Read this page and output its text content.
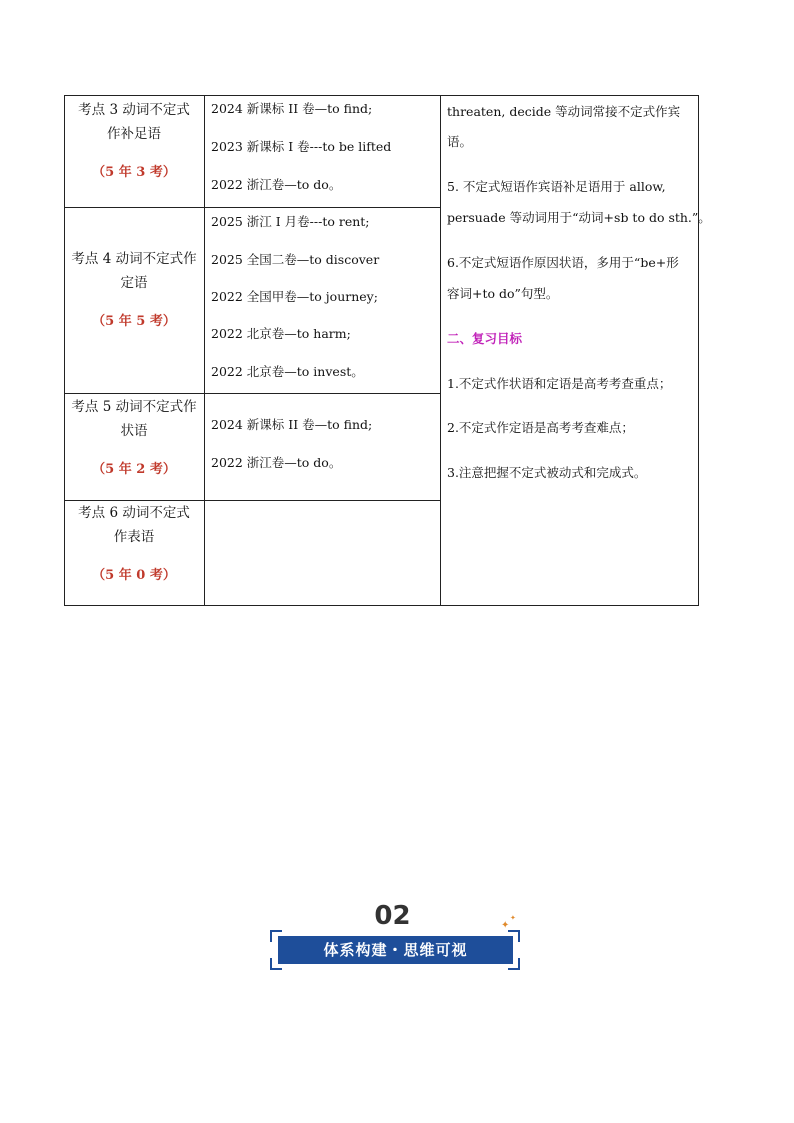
考点 3 动词不定式
作补足语
（5 年 3 考）
2024 新课标 II 卷—to find;
2023 新课标 I 卷---to be lifted
2022 浙江卷—to do。
考点 4 动词不定式作
定语
（5 年 5 考）
2025 浙江 I 月卷---to rent;
2025 全国二卷—to discover
2022 全国甲卷—to journey;
2022 北京卷—to harm;
2022 北京卷—to invest。
考点 5 动词不定式作
状语
（5 年 2 考）
2024 新课标 II 卷—to find;
2022 浙江卷—to do。
考点 6 动词不定式
作表语
（5 年 0 考）

threaten, decide 等动词常接不定式作宾

语。

5. 不定式短语作宾语补足语用于 allow,

persuade 等动词用于“动词+sb to do sth.”。

6.不定式短语作原因状语，多用于“be+形

容词+to do”句型。

二、复习目标

1.不定式作状语和定语是高考考查重点；

2.不定式作定语是高考考查难点；

3.注意把握不定式被动式和完成式。

02	✦
✦
体系构建・思维可视
